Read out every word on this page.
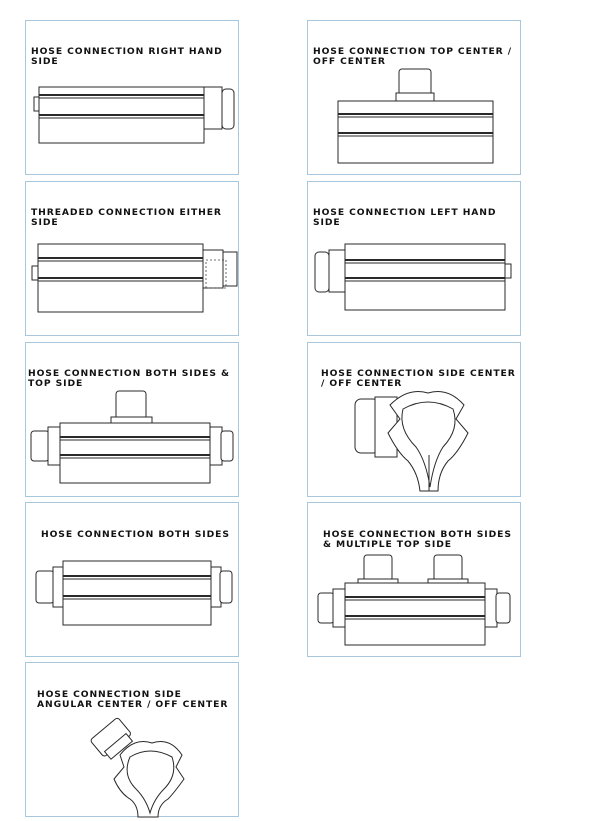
HOSE CONNECTION RIGHT HAND SIDE
HOSE CONNECTION TOP CENTER / OFF CENTER
THREADED CONNECTION EITHER SIDE
HOSE CONNECTION LEFT HAND SIDE
HOSE CONNECTION BOTH SIDES & TOP SIDE
HOSE CONNECTION SIDE CENTER / OFF CENTER
HOSE CONNECTION BOTH SIDES	HOSE CONNECTION BOTH SIDES & MULTIPLE TOP SIDE
HOSE CONNECTION SIDE ANGULAR CENTER / OFF CENTER
